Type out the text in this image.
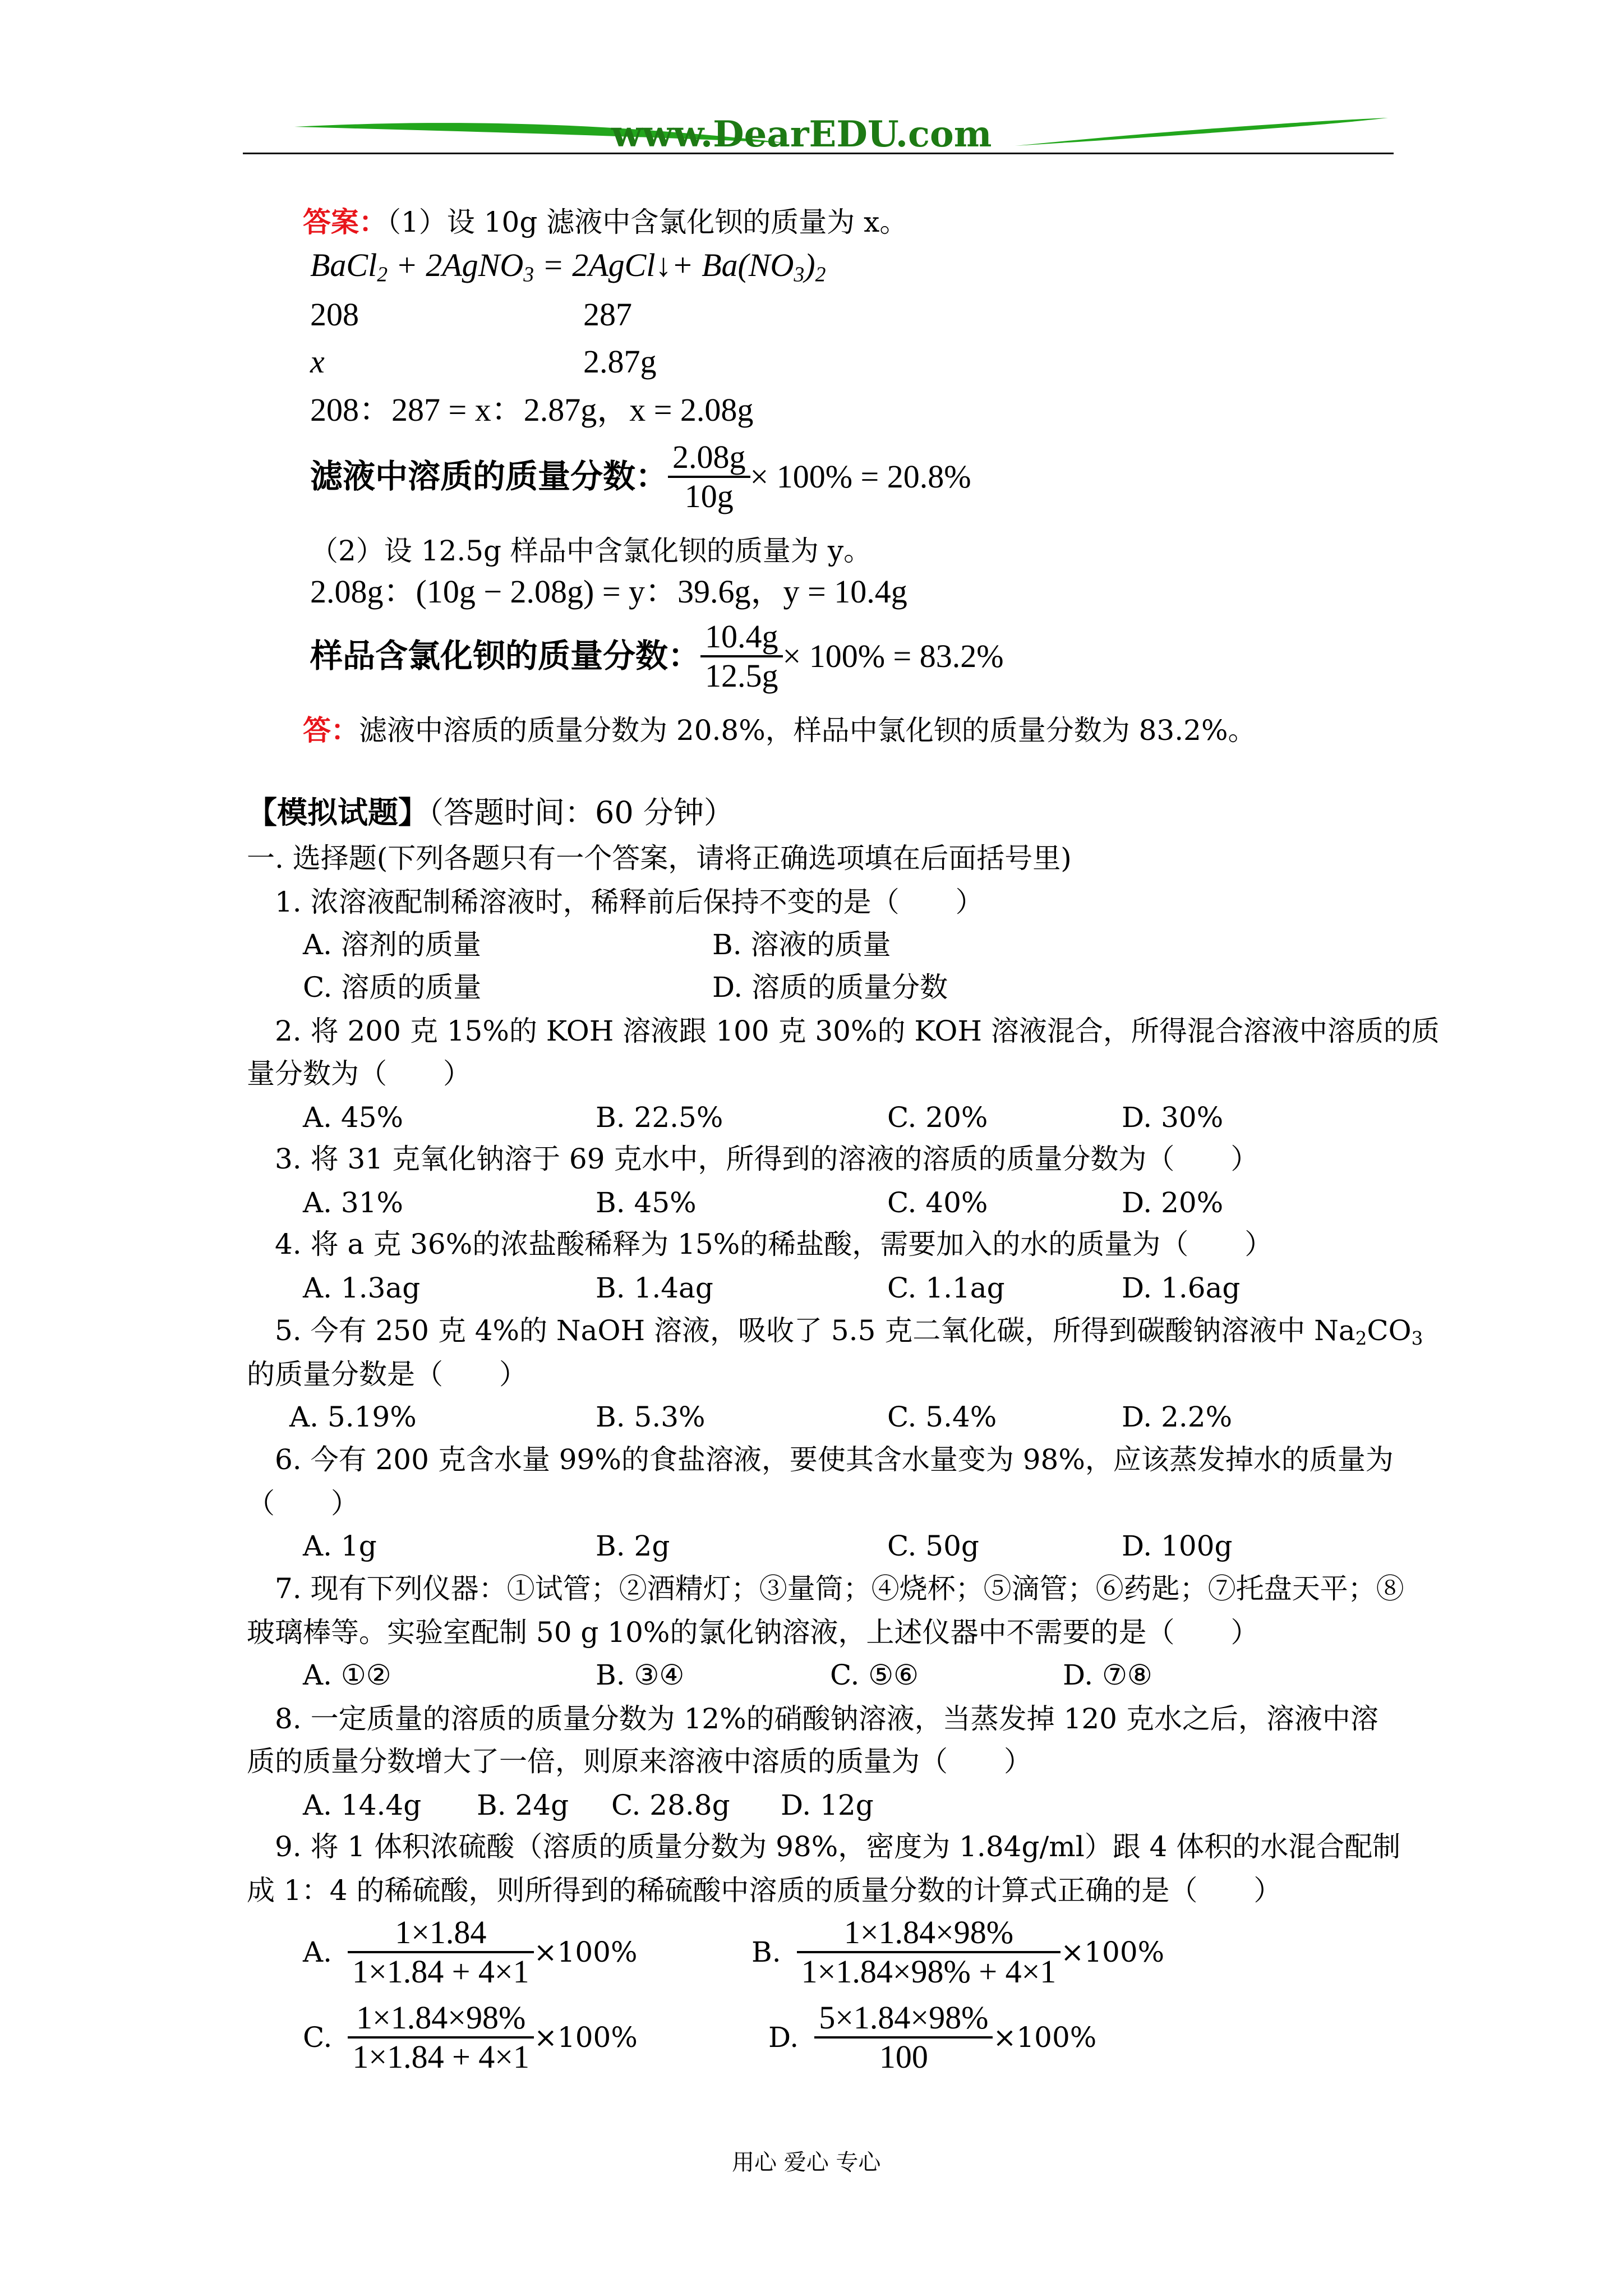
www.DearEDU.com
答案：（1）设 10g 滤液中含氯化钡的质量为 x。
BaCl$_2$ + 2AgNO$_3$ = 2AgCl↓+ $Ba(NO_3)_2$
208	287
x	2.87g
208：287 = x：2.87g，x = 2.08g
滤液中溶质的质量分数： $\frac{2.08g}{10g} \times 100\% = 20.8\%$
（2）设 12.5g 样品中含氯化钡的质量为 y。
2.08g：(10g − 2.08g) = y：39.6g，y = 10.4g
样品含氯化钡的质量分数： $\frac{10.4g}{12.5g} \times 100\% = 83.2\%$
答：滤液中溶质的质量分数为 20.8%，样品中氯化钡的质量分数为 83.2%。
【模拟试题】（答题时间：60 分钟）
一. 选择题(下列各题只有一个答案，请将正确选项填在后面括号里)
1. 浓溶液配制稀溶液时，稀释前后保持不变的是（　　）
A. 溶剂的质量	B. 溶液的质量
C. 溶质的质量	D. 溶质的质量分数
2. 将 200 克 15%的 KOH 溶液跟 100 克 30%的 KOH 溶液混合，所得混合溶液中溶质的质
量分数为（　　）
A. 45%	B. 22.5%	C. 20%	D. 30%
3. 将 31 克氧化钠溶于 69 克水中，所得到的溶液的溶质的质量分数为（　　）
A. 31%	B. 45%	C. 40%	D. 20%
4. 将 a 克 36%的浓盐酸稀释为 15%的稀盐酸，需要加入的水的质量为（　　）
A. 1.3ag	B. 1.4ag	C. 1.1ag	D. 1.6ag
5. 今有 250 克 4%的 NaOH 溶液，吸收了 5.5 克二氧化碳，所得到碳酸钠溶液中 $Na_2CO_3$
的质量分数是（　　）
A. 5.19%	B. 5.3%	C. 5.4%	D. 2.2%
6. 今有 200 克含水量 99%的食盐溶液，要使其含水量变为 98%，应该蒸发掉水的质量为
（　　）
A. 1g	B. 2g	C. 50g	D. 100g
7. 现有下列仪器：①试管；②酒精灯；③量筒；④烧杯；⑤滴管；⑥药匙；⑦托盘天平；⑧
玻璃棒等。实验室配制 50 g 10%的氯化钠溶液，上述仪器中不需要的是（　　）
A. ①②	B. ③④	C. ⑤⑥	D. ⑦⑧
8. 一定质量的溶质的质量分数为 12%的硝酸钠溶液，当蒸发掉 120 克水之后，溶液中溶
质的质量分数增大了一倍，则原来溶液中溶质的质量为（　　）
A. 14.4g B. 24g C. 28.8g D. 12g
9. 将 1 体积浓硫酸（溶质的质量分数为 98%，密度为 1.84g/ml）跟 4 体积的水混合配制
成 1：4 的稀硫酸，则所得到的稀硫酸中溶质的质量分数的计算式正确的是（　　）
A. $\frac{1\times 1.84}{1\times 1.84 + 4\times 1} \times 100\%$	B. $\frac{1\times 1.84\times 98\%}{1\times 1.84\times 98\% + 4\times 1} \times 100\%$
C. $\frac{1\times 1.84\times 98\%}{1\times 1.84 + 4\times 1} \times 100\%$	D. $\frac{5\times 1.84\times 98\%}{100} \times 100\%$
用心 爱心 专心
